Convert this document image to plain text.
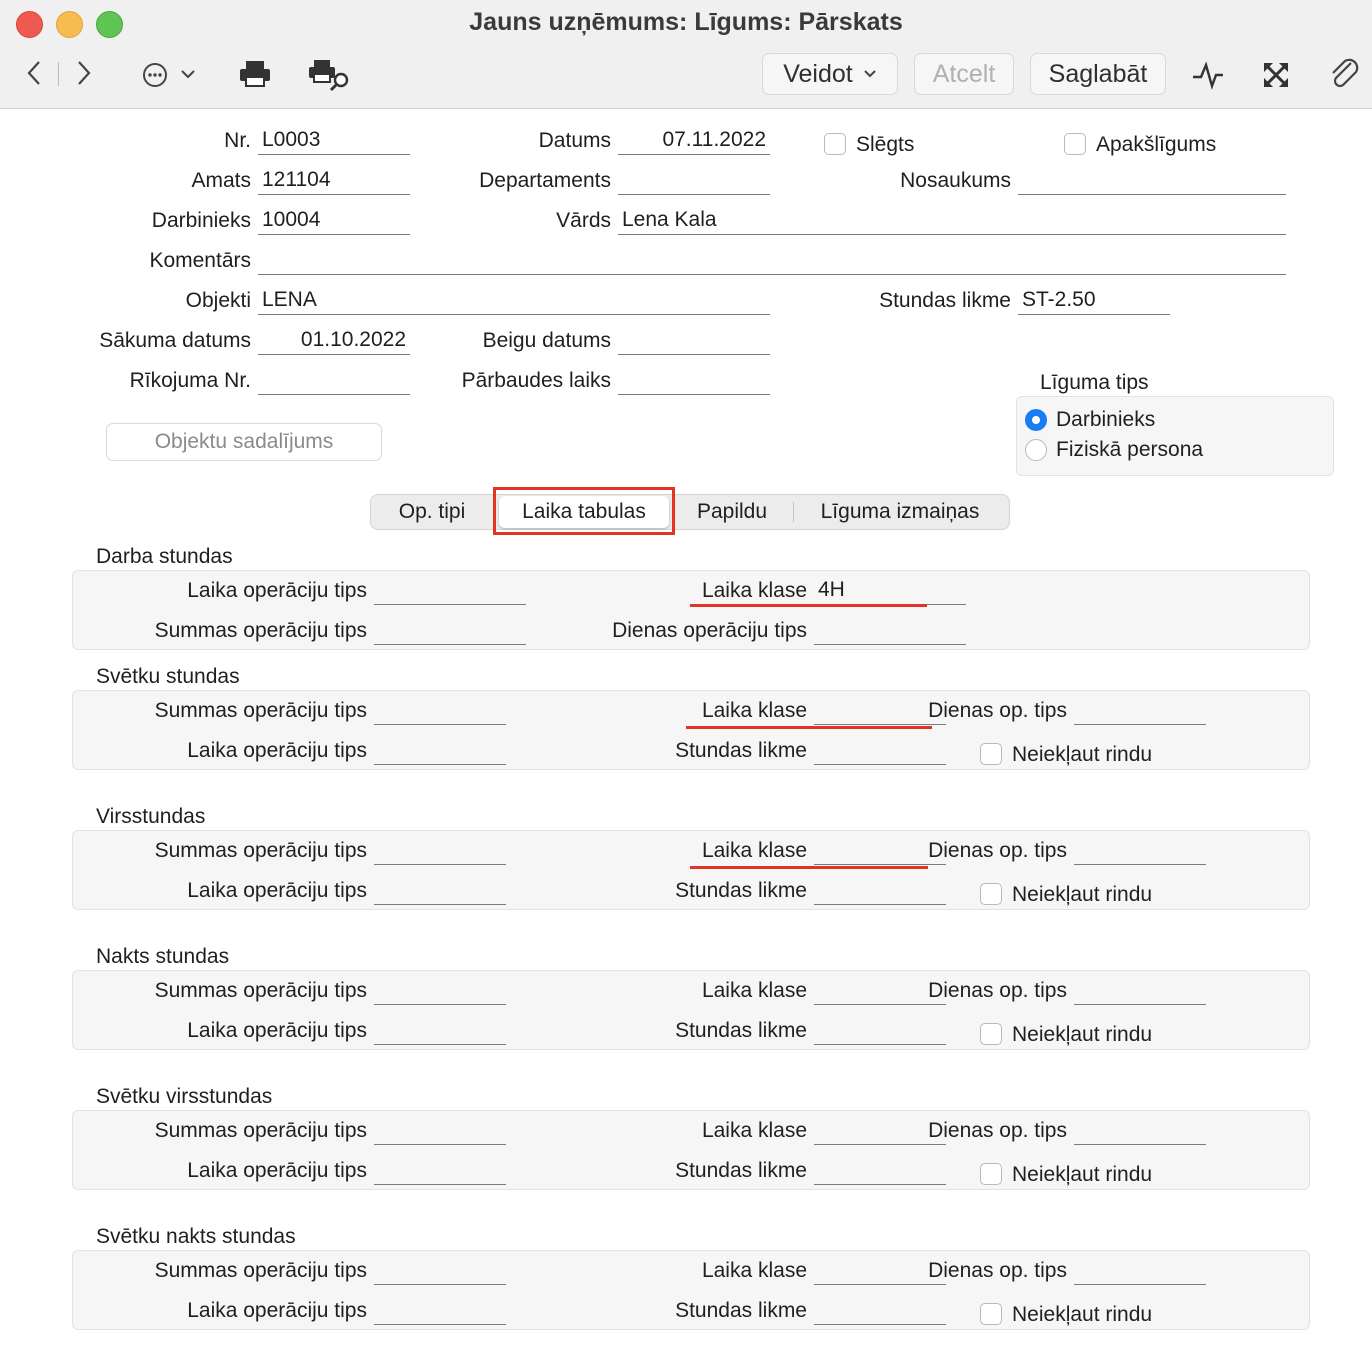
Jauns uzņēmums: Līgums: Pārskats
Veidot	Atcelt	Saglabāt
Nr. L0003	Datums	07.11.2022	Slēgts	Apakšlīgums
Amats 121104	Departaments	Nosaukums
Darbinieks 10004	Vārds Lena Kala
Komentārs
Objekti LENA	Stundas likme ST-2.50
Sākuma datums	01.10.2022	Beigu datums
Rīkojuma Nr.	Pārbaudes laiks	Līguma tips
Darbinieks
Fiziskā persona
Objektu sadalījums
Op. tipi	Laika tabulas	Papildu	Līguma izmaiņas
Darba stundas
Laika operāciju tips	Laika klase 4H
Summas operāciju tips	Dienas operāciju tips
Svētku stundas
Summas operāciju tips	Laika klase	Dienas op. tips
Laika operāciju tips	Stundas likme	Neiekļaut rindu
Virsstundas
Summas operāciju tips	Laika klase	Dienas op. tips
Laika operāciju tips	Stundas likme	Neiekļaut rindu
Nakts stundas
Summas operāciju tips	Laika klase	Dienas op. tips
Laika operāciju tips	Stundas likme	Neiekļaut rindu
Svētku virsstundas
Summas operāciju tips	Laika klase	Dienas op. tips
Laika operāciju tips	Stundas likme	Neiekļaut rindu
Svētku nakts stundas
Summas operāciju tips	Laika klase	Dienas op. tips
Laika operāciju tips	Stundas likme	Neiekļaut rindu
